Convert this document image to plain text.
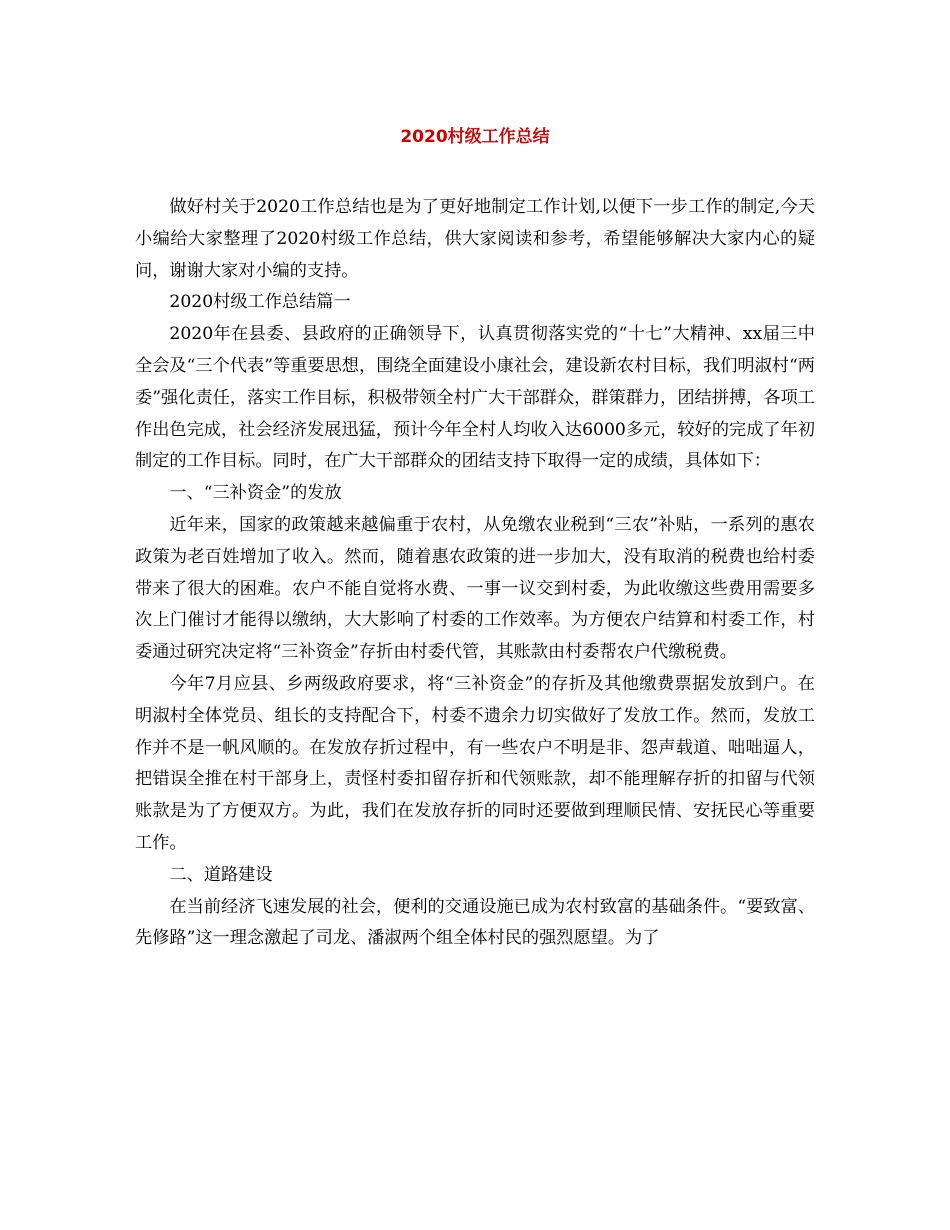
2020村级工作总结

做好村关于2020工作总结也是为了更好地制定工作计划,以便下一步工作的制定,今天小编给大家整理了2020村级工作总结，供大家阅读和参考，希望能够解决大家内心的疑问，谢谢大家对小编的支持。

2020村级工作总结篇一

2020年在县委、县政府的正确领导下，认真贯彻落实党的“十七”大精神、xx届三中全会及“三个代表”等重要思想，围绕全面建设小康社会，建设新农村目标，我们明淑村“两委”强化责任，落实工作目标，积极带领全村广大干部群众，群策群力，团结拼搏，各项工作出色完成，社会经济发展迅猛，预计今年全村人均收入达6000多元，较好的完成了年初制定的工作目标。同时，在广大干部群众的团结支持下取得一定的成绩，具体如下：

一、“三补资金”的发放

近年来，国家的政策越来越偏重于农村，从免缴农业税到“三农”补贴，一系列的惠农政策为老百姓增加了收入。然而，随着惠农政策的进一步加大，没有取消的税费也给村委带来了很大的困难。农户不能自觉将水费、一事一议交到村委，为此收缴这些费用需要多次上门催讨才能得以缴纳，大大影响了村委的工作效率。为方便农户结算和村委工作，村委通过研究决定将“三补资金”存折由村委代管，其账款由村委帮农户代缴税费。

今年7月应县、乡两级政府要求，将“三补资金”的存折及其他缴费票据发放到户。在明淑村全体党员、组长的支持配合下，村委不遗余力切实做好了发放工作。然而，发放工作并不是一帆风顺的。在发放存折过程中，有一些农户不明是非、怨声载道、咄咄逼人，把错误全推在村干部身上，责怪村委扣留存折和代领账款，却不能理解存折的扣留与代领账款是为了方便双方。为此，我们在发放存折的同时还要做到理顺民情、安抚民心等重要工作。

二、道路建设

在当前经济飞速发展的社会，便利的交通设施已成为农村致富的基础条件。“要致富、先修路”这一理念激起了司龙、潘淑两个组全体村民的强烈愿望。为了
